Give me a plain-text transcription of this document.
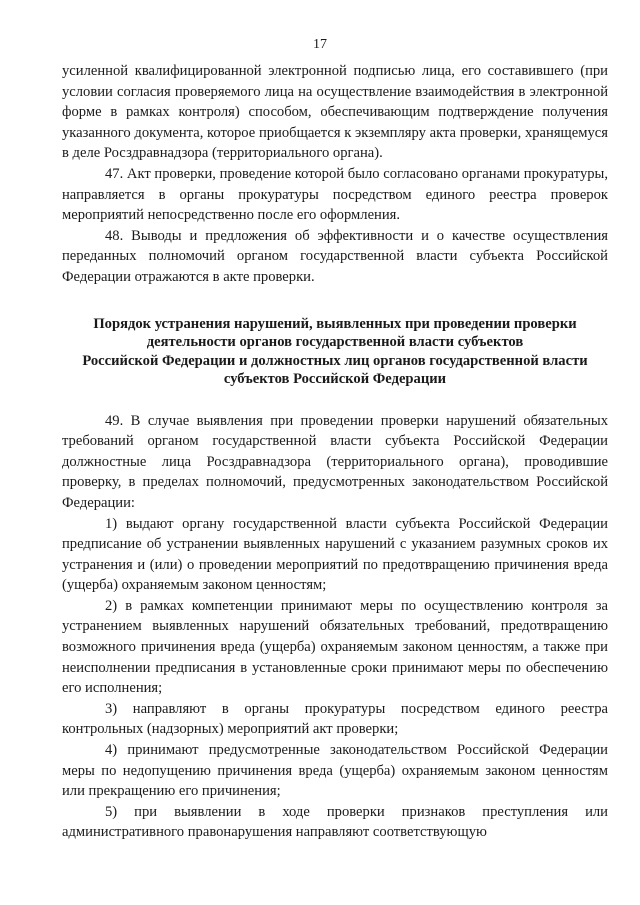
17

усиленной квалифицированной электронной подписью лица, его составившего (при условии согласия проверяемого лица на осуществление взаимодействия в электронной форме в рамках контроля) способом, обеспечивающим подтверждение получения указанного документа, которое приобщается к экземпляру акта проверки, хранящемуся в деле Росздравнадзора (территориального органа).

47. Акт проверки, проведение которой было согласовано органами прокуратуры, направляется в органы прокуратуры посредством единого реестра проверок мероприятий непосредственно после его оформления.

48. Выводы и предложения об эффективности и о качестве осуществления переданных полномочий органом государственной власти субъекта Российской Федерации отражаются в акте проверки.

Порядок устранения нарушений, выявленных при проведении проверки
деятельности органов государственной власти субъектов
Российской Федерации и должностных лиц органов государственной власти
субъектов Российской Федерации

49. В случае выявления при проведении проверки нарушений обязательных требований органом государственной власти субъекта Российской Федерации должностные лица Росздравнадзора (территориального органа), проводившие проверку, в пределах полномочий, предусмотренных законодательством Российской Федерации:

1) выдают органу государственной власти субъекта Российской Федерации предписание об устранении выявленных нарушений с указанием разумных сроков их устранения и (или) о проведении мероприятий по предотвращению причинения вреда (ущерба) охраняемым законом ценностям;

2) в рамках компетенции принимают меры по осуществлению контроля за устранением выявленных нарушений обязательных требований, предотвращению возможного причинения вреда (ущерба) охраняемым законом ценностям, а также при неисполнении предписания в установленные сроки принимают меры по обеспечению его исполнения;

3) направляют в органы прокуратуры посредством единого реестра контрольных (надзорных) мероприятий акт проверки;

4) принимают предусмотренные законодательством Российской Федерации меры по недопущению причинения вреда (ущерба) охраняемым законом ценностям или прекращению его причинения;

5) при выявлении в ходе проверки признаков преступления или административного правонарушения направляют соответствующую
